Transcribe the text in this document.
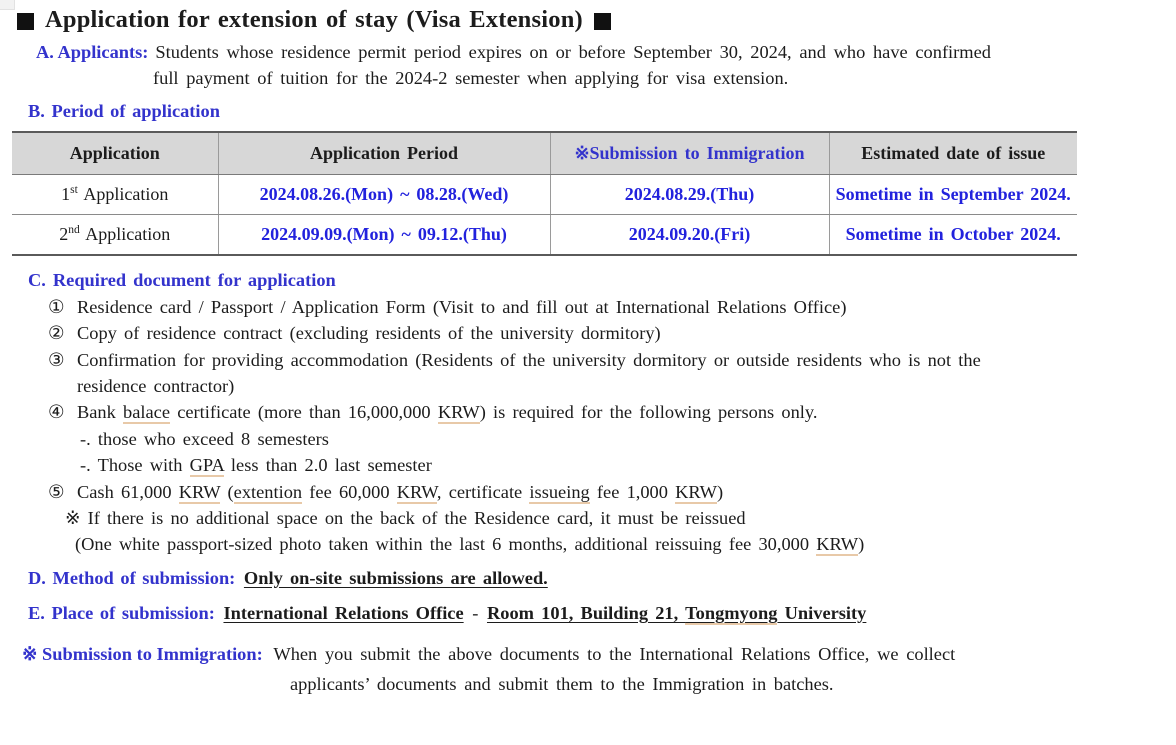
Application for extension of stay (Visa Extension)
A. Applicants: Students whose residence permit period expires on or before September 30, 2024, and who have confirmed
full payment of tuition for the 2024-2 semester when applying for visa extension.
B. Period of application
Application	Application Period	※Submission to Immigration	Estimated date of issue
1st Application	2024.08.26.(Mon) ~ 08.28.(Wed)	2024.08.29.(Thu)	Sometime in September 2024.
2nd Application	2024.09.09.(Mon) ~ 09.12.(Thu)	2024.09.20.(Fri)	Sometime in October 2024.
C. Required document for application
① Residence card / Passport / Application Form (Visit to and fill out at International Relations Office)
② Copy of residence contract (excluding residents of the university dormitory)
③ Confirmation for providing accommodation (Residents of the university dormitory or outside residents who is not the
residence contractor)
④ Bank balace certificate (more than 16,000,000 KRW) is required for the following persons only.
-. those who exceed 8 semesters
-. Those with GPA less than 2.0 last semester
⑤ Cash 61,000 KRW (extention fee 60,000 KRW, certificate issueing fee 1,000 KRW)
※ If there is no additional space on the back of the Residence card, it must be reissued
(One white passport-sized photo taken within the last 6 months, additional reissuing fee 30,000 KRW)
D. Method of submission: Only on-site submissions are allowed.
E. Place of submission: International Relations Office - Room 101, Building 21, Tongmyong University
※ Submission to Immigration: When you submit the above documents to the International Relations Office, we collect
applicants’ documents and submit them to the Immigration in batches.
